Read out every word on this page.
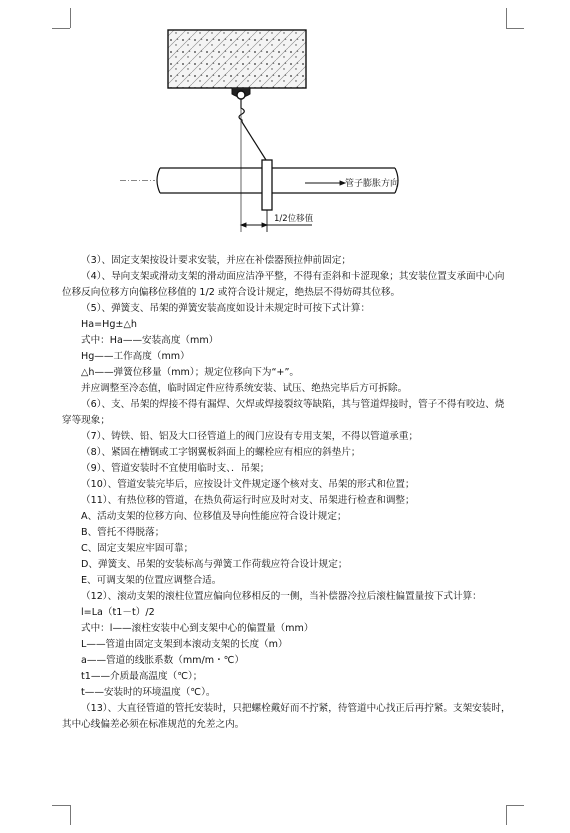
管子膨胀方向
1/2位移值

（3）、固定支架按设计要求安装，并应在补偿器预拉伸前固定；

（4）、导向支架或滑动支架的滑动面应洁净平整，不得有歪斜和卡涩现象；其安装位置支承面中心向位移反向位移方向偏移位移值的 1/2 或符合设计规定，绝热层不得妨碍其位移。

（5）、弹簧支、吊架的弹簧安装高度如设计未规定时可按下式计算：

Ha=Hg±△h

式中：Ha——安装高度（mm）

Hg——工作高度（mm）

△h——弹簧位移量（mm）；规定位移向下为“+”。

并应调整至冷态值，临时固定件应待系统安装、试压、绝热完毕后方可拆除。

（6）、支、吊架的焊接不得有漏焊、欠焊或焊接裂纹等缺陷，其与管道焊接时，管子不得有咬边、烧穿等现象；

（7）、铸铁、铅、铝及大口径管道上的阀门应设有专用支架，不得以管道承重；

（8）、紧固在槽钢或工字钢翼板斜面上的螺栓应有相应的斜垫片；

（9）、管道安装时不宜使用临时支、．吊架；

（10）、管道安装完毕后，应按设计文件规定逐个核对支、吊架的形式和位置；

（11）、有热位移的管道，在热负荷运行时应及时对支、吊架进行检查和调整；

A、活动支架的位移方向、位移值及导向性能应符合设计规定；

B、管托不得脱落；

C、固定支架应牢固可靠；

D、弹簧支、吊架的安装标高与弹簧工作荷载应符合设计规定；

E、可调支架的位置应调整合适。

（12）、滚动支架的滚柱位置应偏向位移相反的一侧，当补偿器冷拉后滚柱偏置量按下式计算：

l=La（t1－t）/2

式中：l——滚柱安装中心到支架中心的偏置量（mm）

L——管道由固定支架到本滚动支架的长度（m）

a——管道的线胀系数（mm/m・℃）

t1——介质最高温度（℃）；

t——安装时的环境温度（℃）。

（13）、大直径管道的管托安装时，只把螺栓戴好而不拧紧，待管道中心找正后再拧紧。支架安装时，其中心线偏差必须在标准规范的允差之内。
